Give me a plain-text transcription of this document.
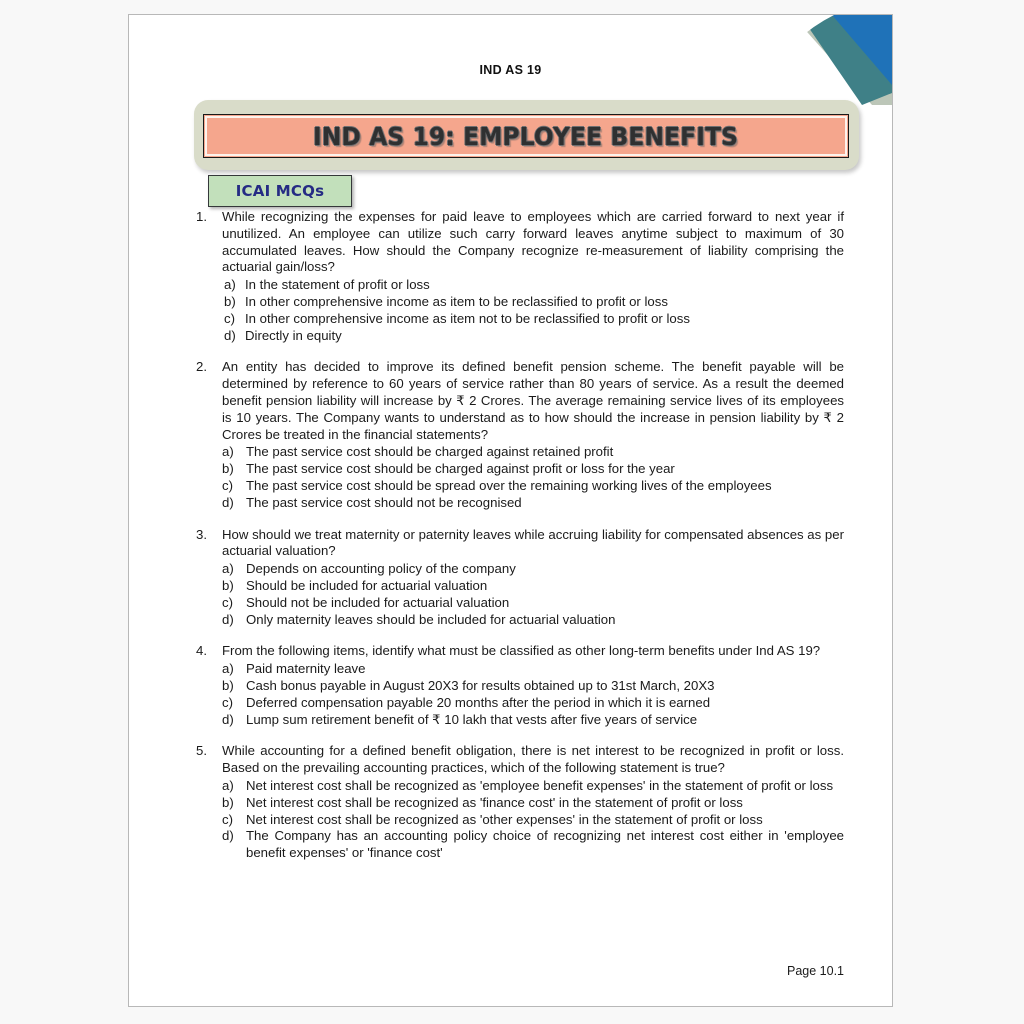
IND AS 19
IND AS 19: EMPLOYEE BENEFITS
ICAI MCQs
1.	While recognizing the expenses for paid leave to employees which are carried forward to next year if unutilized. An employee can utilize such carry forward leaves anytime subject to maximum of 30 accumulated leaves. How should the Company recognize re-measurement of liability comprising the actuarial gain/loss?

a) In the statement of profit or loss
b) In other comprehensive income as item to be reclassified to profit or loss
c) In other comprehensive income as item not to be reclassified to profit or loss
d) Directly in equity
2.	An entity has decided to improve its defined benefit pension scheme. The benefit payable will be determined by reference to 60 years of service rather than 80 years of service. As a result the deemed benefit pension liability will increase by ₹ 2 Crores. The average remaining service lives of its employees is 10 years. The Company wants to understand as to how should the increase in pension liability by ₹ 2 Crores be treated in the financial statements?

a) The past service cost should be charged against retained profit
b) The past service cost should be charged against profit or loss for the year
c) The past service cost should be spread over the remaining working lives of the employees
d) The past service cost should not be recognised
3.	How should we treat maternity or paternity leaves while accruing liability for compensated absences as per actuarial valuation?

a) Depends on accounting policy of the company
b) Should be included for actuarial valuation
c) Should not be included for actuarial valuation
d) Only maternity leaves should be included for actuarial valuation
4.	From the following items, identify what must be classified as other long-term benefits under Ind AS 19?

a) Paid maternity leave
b) Cash bonus payable in August 20X3 for results obtained up to 31st March, 20X3
c) Deferred compensation payable 20 months after the period in which it is earned
d) Lump sum retirement benefit of ₹ 10 lakh that vests after five years of service
5.	While accounting for a defined benefit obligation, there is net interest to be recognized in profit or loss. Based on the prevailing accounting practices, which of the following statement is true?

a) Net interest cost shall be recognized as 'employee benefit expenses' in the statement of profit or loss
b) Net interest cost shall be recognized as 'finance cost' in the statement of profit or loss
c) Net interest cost shall be recognized as 'other expenses' in the statement of profit or loss
d) The Company has an accounting policy choice of recognizing net interest cost either in 'employee benefit expenses' or 'finance cost'
Page 10.1
